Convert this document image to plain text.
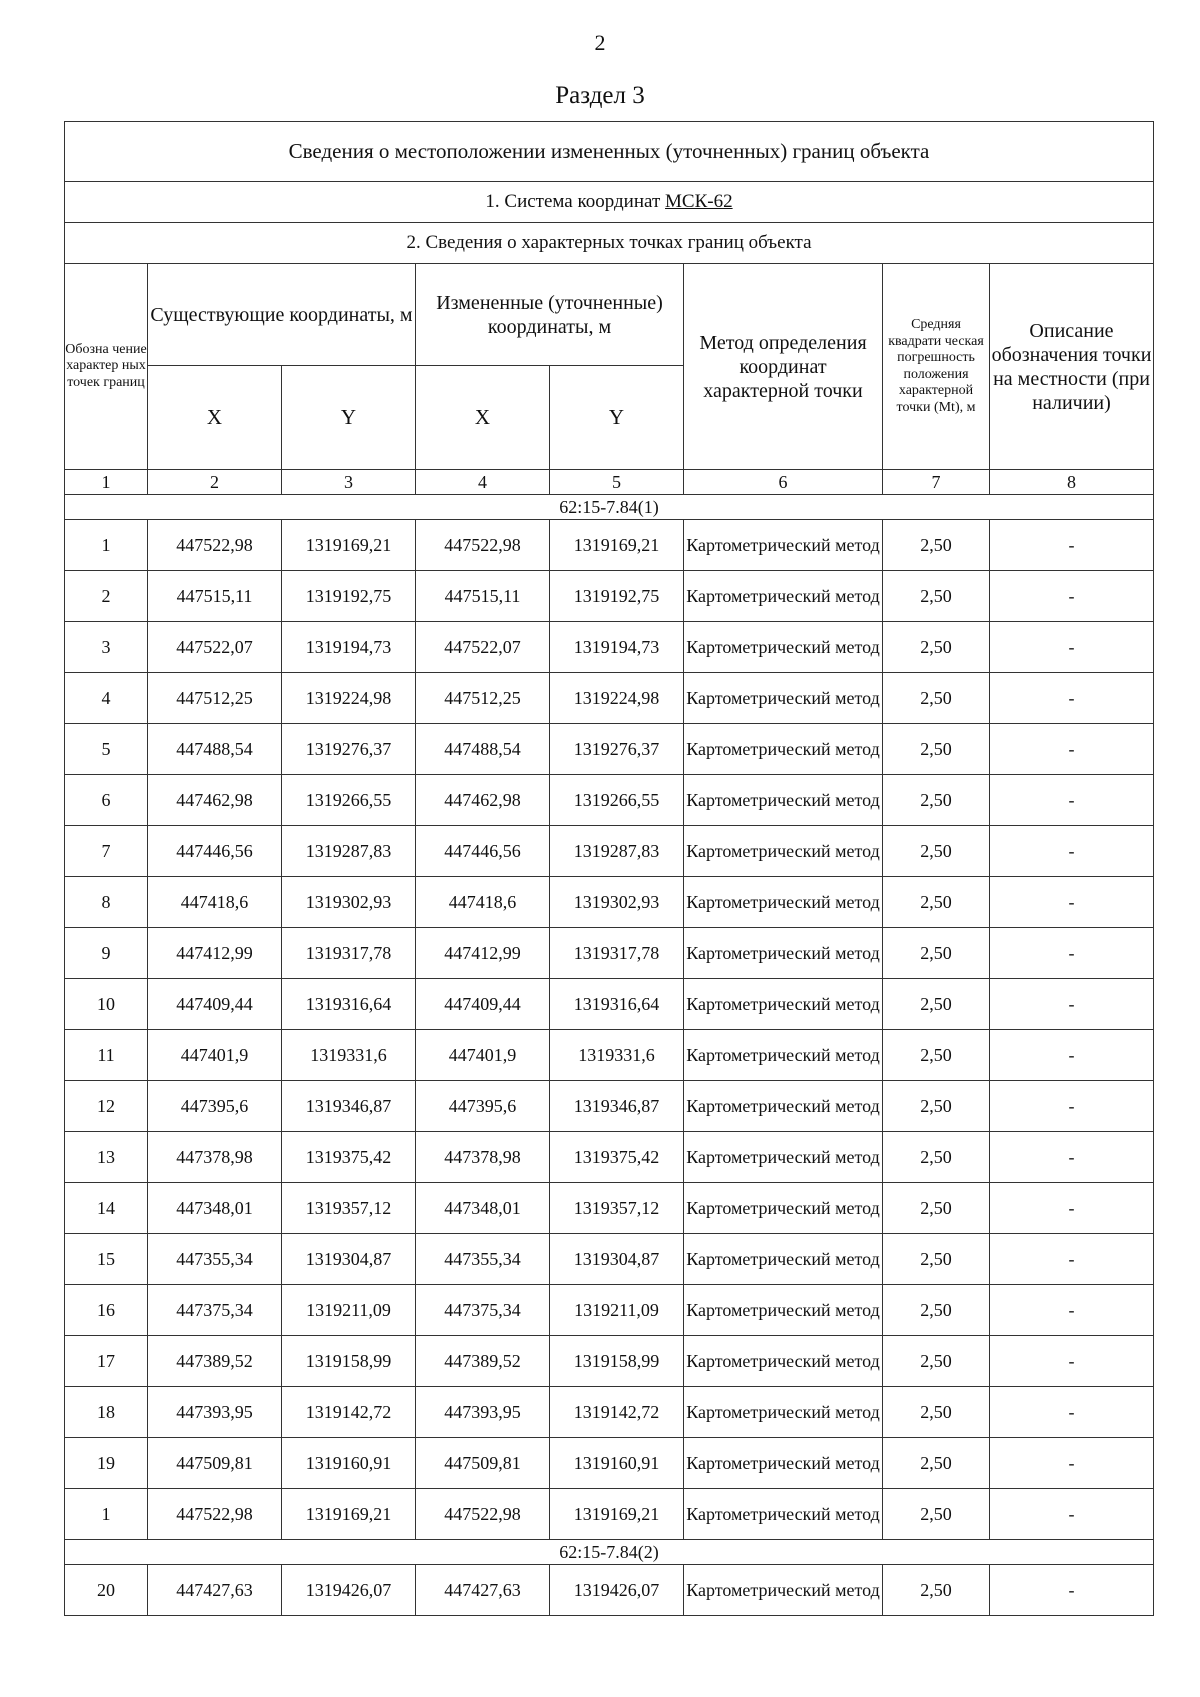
2
Раздел 3
Сведения о местоположении измененных (уточненных) границ объекта							
1. Система координат МСК-62							
2. Сведения о характерных точках границ объекта							
Обозна чение характер ных точек границ	Существующие координаты, м		Измененные (уточненные) координаты, м		Метод определения координат характерной точки	Средняя квадрати ческая погрешность положения характерной точки (Mt), м	Описание обозначения точки на местности (при наличии)
	X	Y	X	Y			
1	2	3	4	5	6	7	8
62:15-7.84(1)							
1	447522,98	1319169,21	447522,98	1319169,21	Картометрический метод	2,50	-
2	447515,11	1319192,75	447515,11	1319192,75	Картометрический метод	2,50	-
3	447522,07	1319194,73	447522,07	1319194,73	Картометрический метод	2,50	-
4	447512,25	1319224,98	447512,25	1319224,98	Картометрический метод	2,50	-
5	447488,54	1319276,37	447488,54	1319276,37	Картометрический метод	2,50	-
6	447462,98	1319266,55	447462,98	1319266,55	Картометрический метод	2,50	-
7	447446,56	1319287,83	447446,56	1319287,83	Картометрический метод	2,50	-
8	447418,6	1319302,93	447418,6	1319302,93	Картометрический метод	2,50	-
9	447412,99	1319317,78	447412,99	1319317,78	Картометрический метод	2,50	-
10	447409,44	1319316,64	447409,44	1319316,64	Картометрический метод	2,50	-
11	447401,9	1319331,6	447401,9	1319331,6	Картометрический метод	2,50	-
12	447395,6	1319346,87	447395,6	1319346,87	Картометрический метод	2,50	-
13	447378,98	1319375,42	447378,98	1319375,42	Картометрический метод	2,50	-
14	447348,01	1319357,12	447348,01	1319357,12	Картометрический метод	2,50	-
15	447355,34	1319304,87	447355,34	1319304,87	Картометрический метод	2,50	-
16	447375,34	1319211,09	447375,34	1319211,09	Картометрический метод	2,50	-
17	447389,52	1319158,99	447389,52	1319158,99	Картометрический метод	2,50	-
18	447393,95	1319142,72	447393,95	1319142,72	Картометрический метод	2,50	-
19	447509,81	1319160,91	447509,81	1319160,91	Картометрический метод	2,50	-
1	447522,98	1319169,21	447522,98	1319169,21	Картометрический метод	2,50	-
62:15-7.84(2)							
20	447427,63	1319426,07	447427,63	1319426,07	Картометрический метод	2,50	-
